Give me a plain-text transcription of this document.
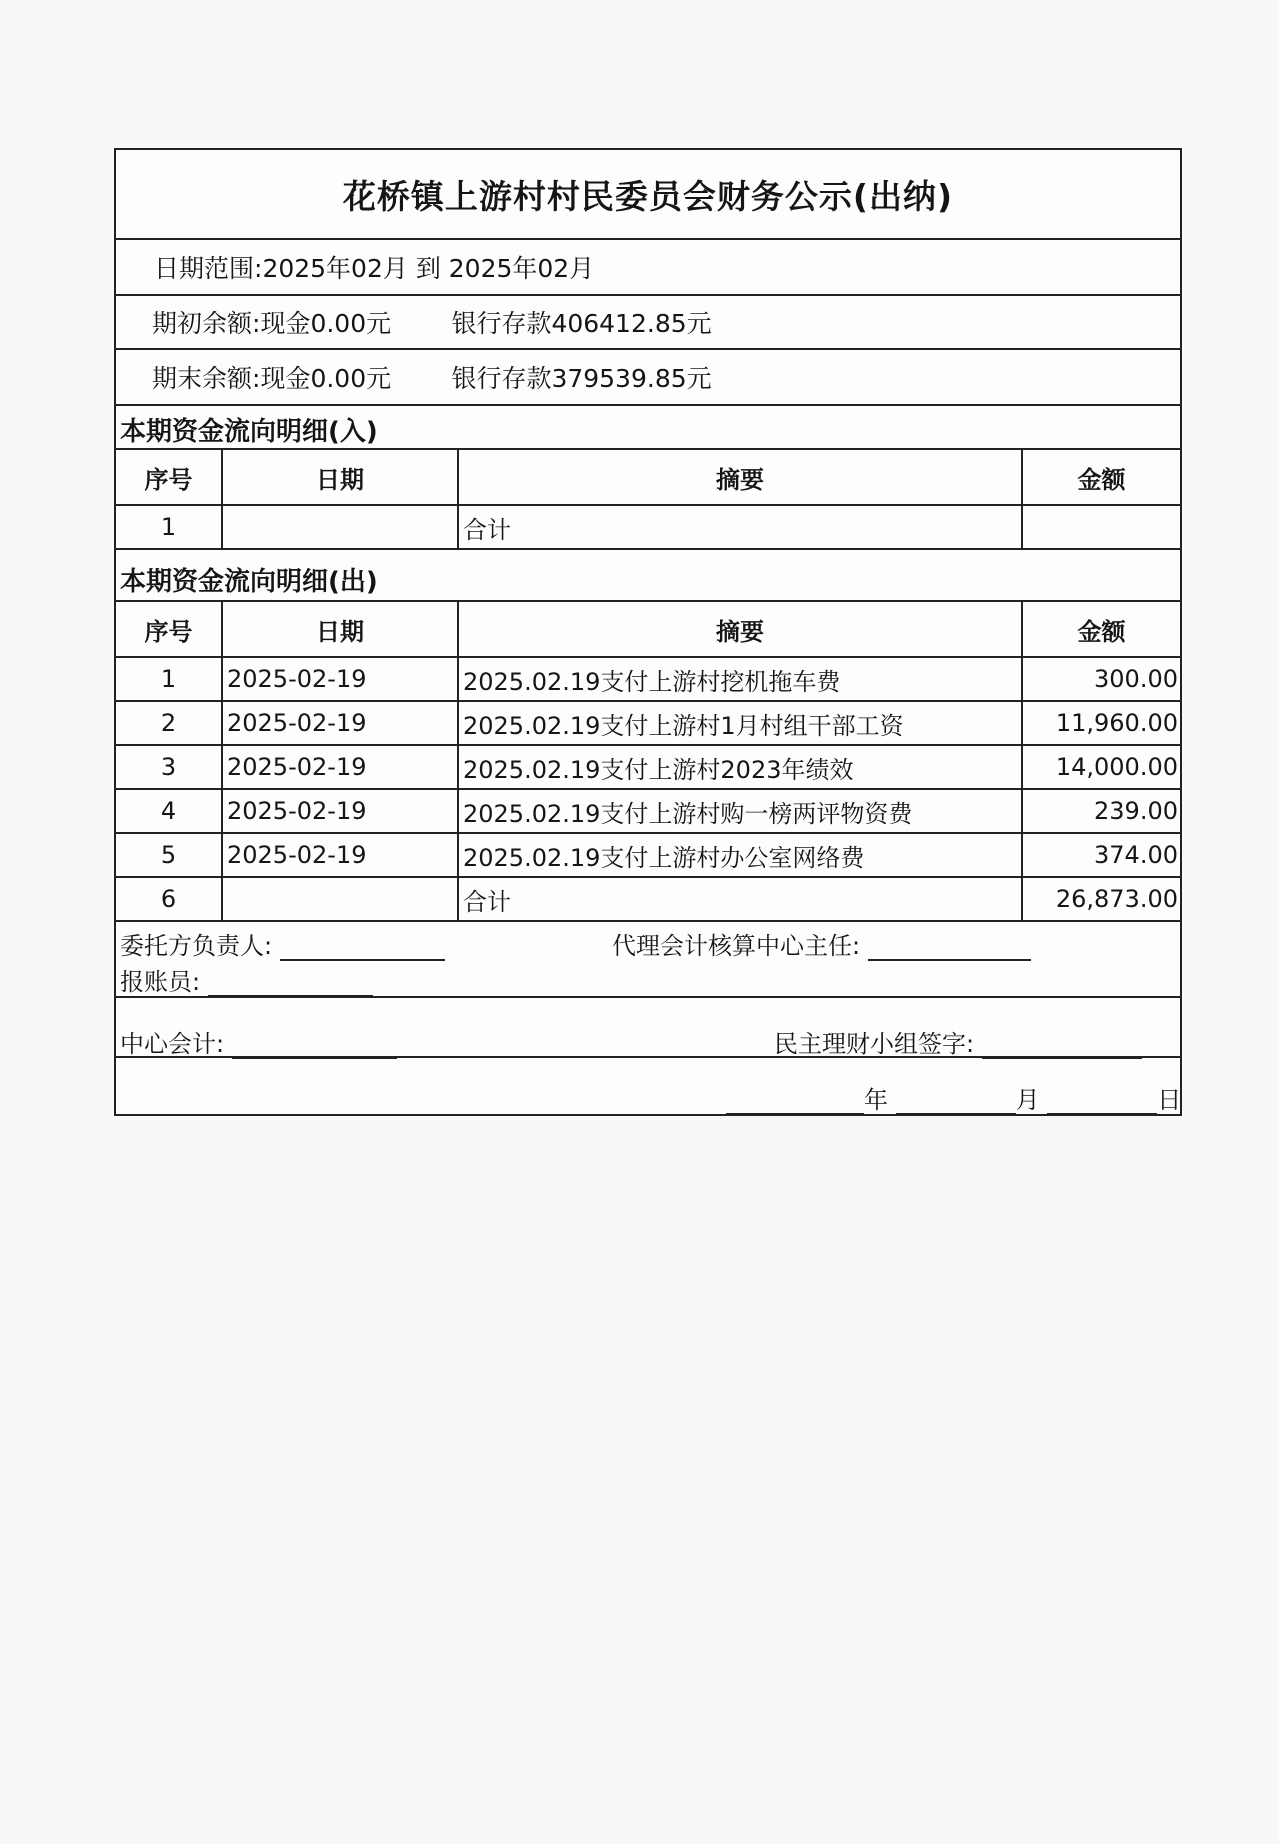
花桥镇上游村村民委员会财务公示(出纳)
日期范围: 2025年02月 到 2025年02月
期初余额: 现金0.00元	银行存款406412.85元
期末余额: 现金0.00元	银行存款379539.85元
本期资金流向明细(入)
序号	日期	摘要	金额
1		合计	
本期资金流向明细(出)
序号	日期	摘要	金额
1	2025-02-19	2025.02.19支付上游村挖机拖车费	300.00
2	2025-02-19	2025.02.19支付上游村1月村组干部工资	11,960.00
3	2025-02-19	2025.02.19支付上游村2023年绩效	14,000.00
4	2025-02-19	2025.02.19支付上游村购一榜两评物资费	239.00
5	2025-02-19	2025.02.19支付上游村办公室网络费	374.00
6		合计	26,873.00
委托方负责人:	代理会计核算中心主任:
报账员:
中心会计:	民主理财小组签字:
年	月	日
